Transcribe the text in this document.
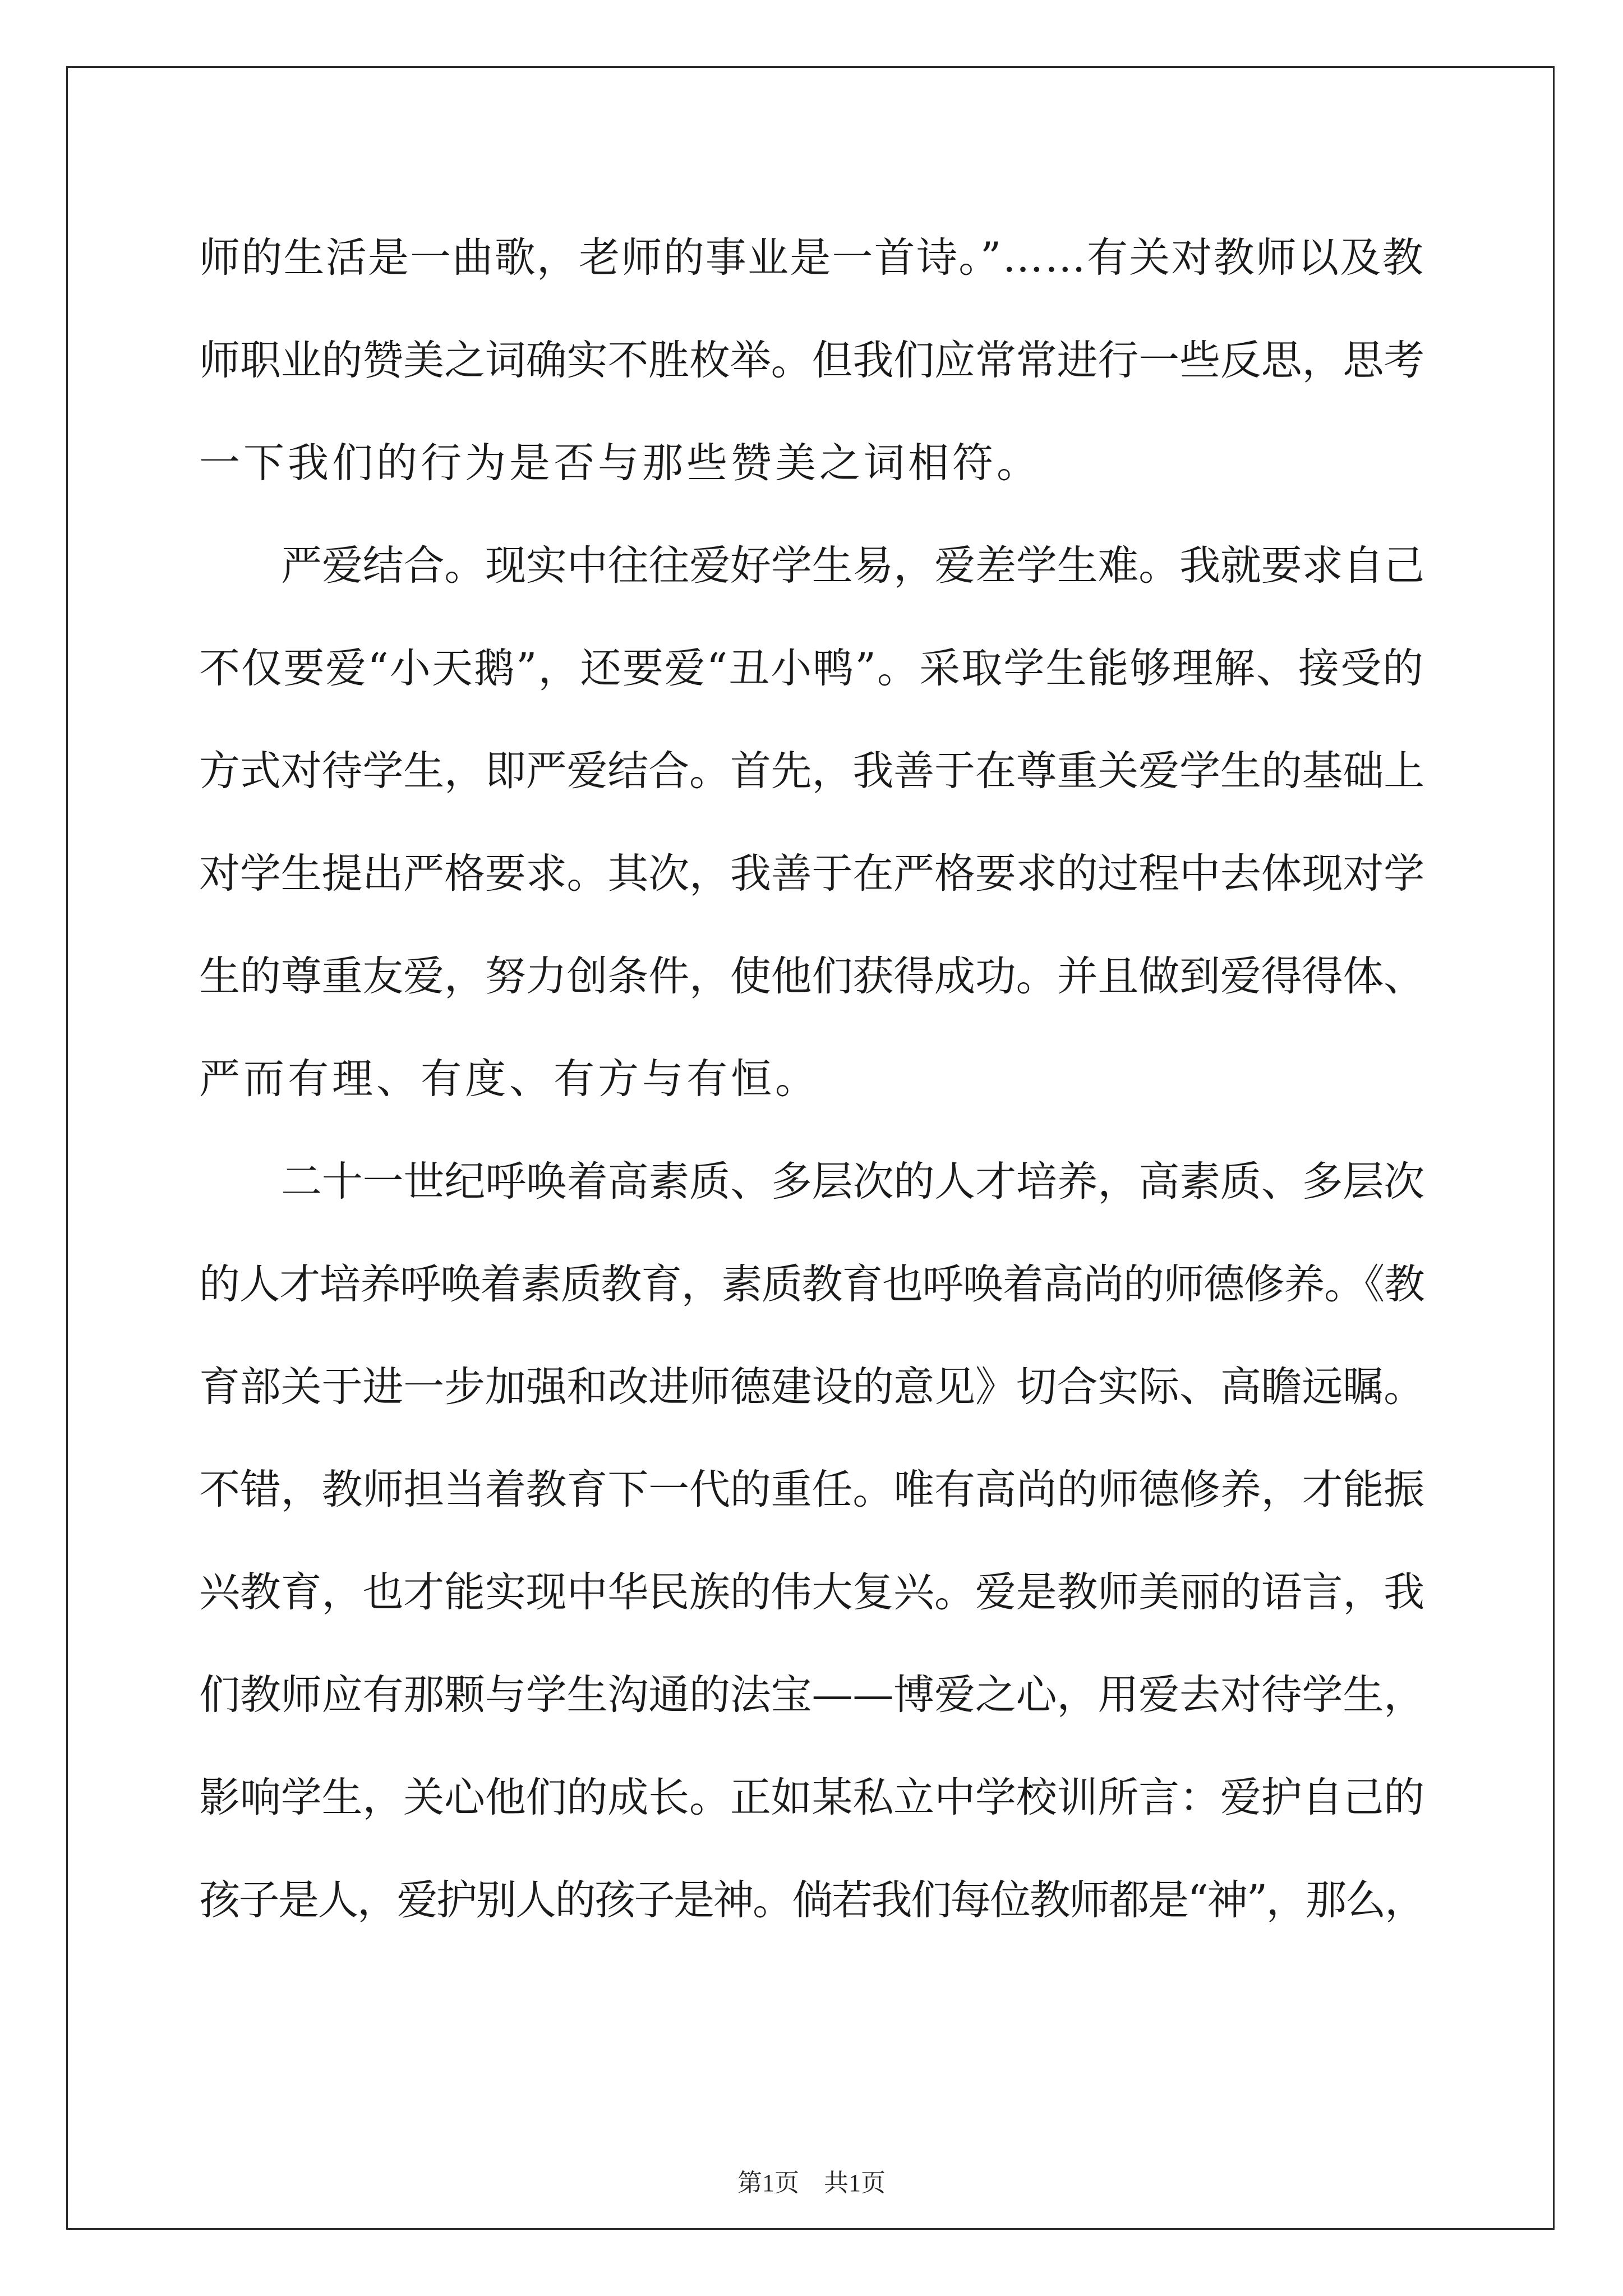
师的生活是一曲歌，老师的事业是一首诗。”……有关对教师以及教
师职业的赞美之词确实不胜枚举。但我们应常常进行一些反思，思考
一下我们的行为是否与那些赞美之词相符。
严爱结合。现实中往往爱好学生易，爱差学生难。我就要求自己
不仅要爱“小天鹅”，还要爱“丑小鸭”。采取学生能够理解、接受的
方式对待学生，即严爱结合。首先，我善于在尊重关爱学生的基础上
对学生提出严格要求。其次，我善于在严格要求的过程中去体现对学
生的尊重友爱，努力创条件，使他们获得成功。并且做到爱得得体、
严而有理、有度、有方与有恒。
二十一世纪呼唤着高素质、多层次的人才培养，高素质、多层次
的人才培养呼唤着素质教育，素质教育也呼唤着高尚的师德修养。《教
育部关于进一步加强和改进师德建设的意见》切合实际、高瞻远瞩。
不错，教师担当着教育下一代的重任。唯有高尚的师德修养，才能振
兴教育，也才能实现中华民族的伟大复兴。爱是教师美丽的语言，我
们教师应有那颗与学生沟通的法宝——博爱之心，用爱去对待学生，
影响学生，关心他们的成长。正如某私立中学校训所言：爱护自己的
孩子是人，爱护别人的孩子是神。倘若我们每位教师都是“神”，那么，
第1页　共1页
